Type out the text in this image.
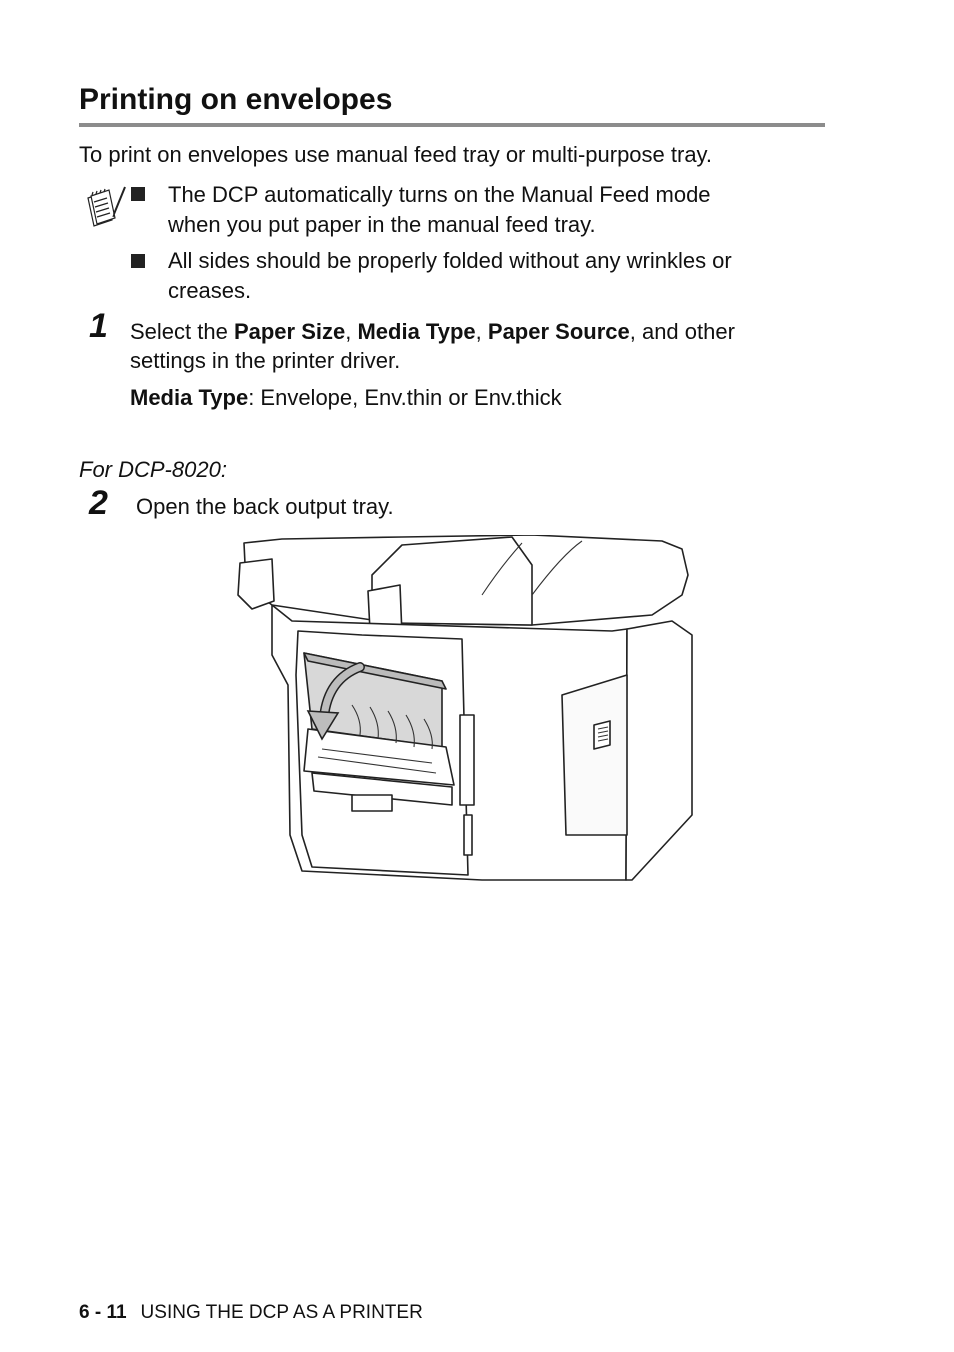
Printing on envelopes
To print on envelopes use manual feed tray or multi-purpose tray.
The DCP automatically turns on the Manual Feed mode
when you put paper in the manual feed tray.
All sides should be properly folded without any wrinkles or
creases.
1 Select the Paper Size, Media Type, Paper Source, and other
settings in the printer driver.
Media Type: Envelope, Env.thin or Env.thick
For DCP-8020:
2 Open the back output tray.
6 - 11 USING THE DCP AS A PRINTER
